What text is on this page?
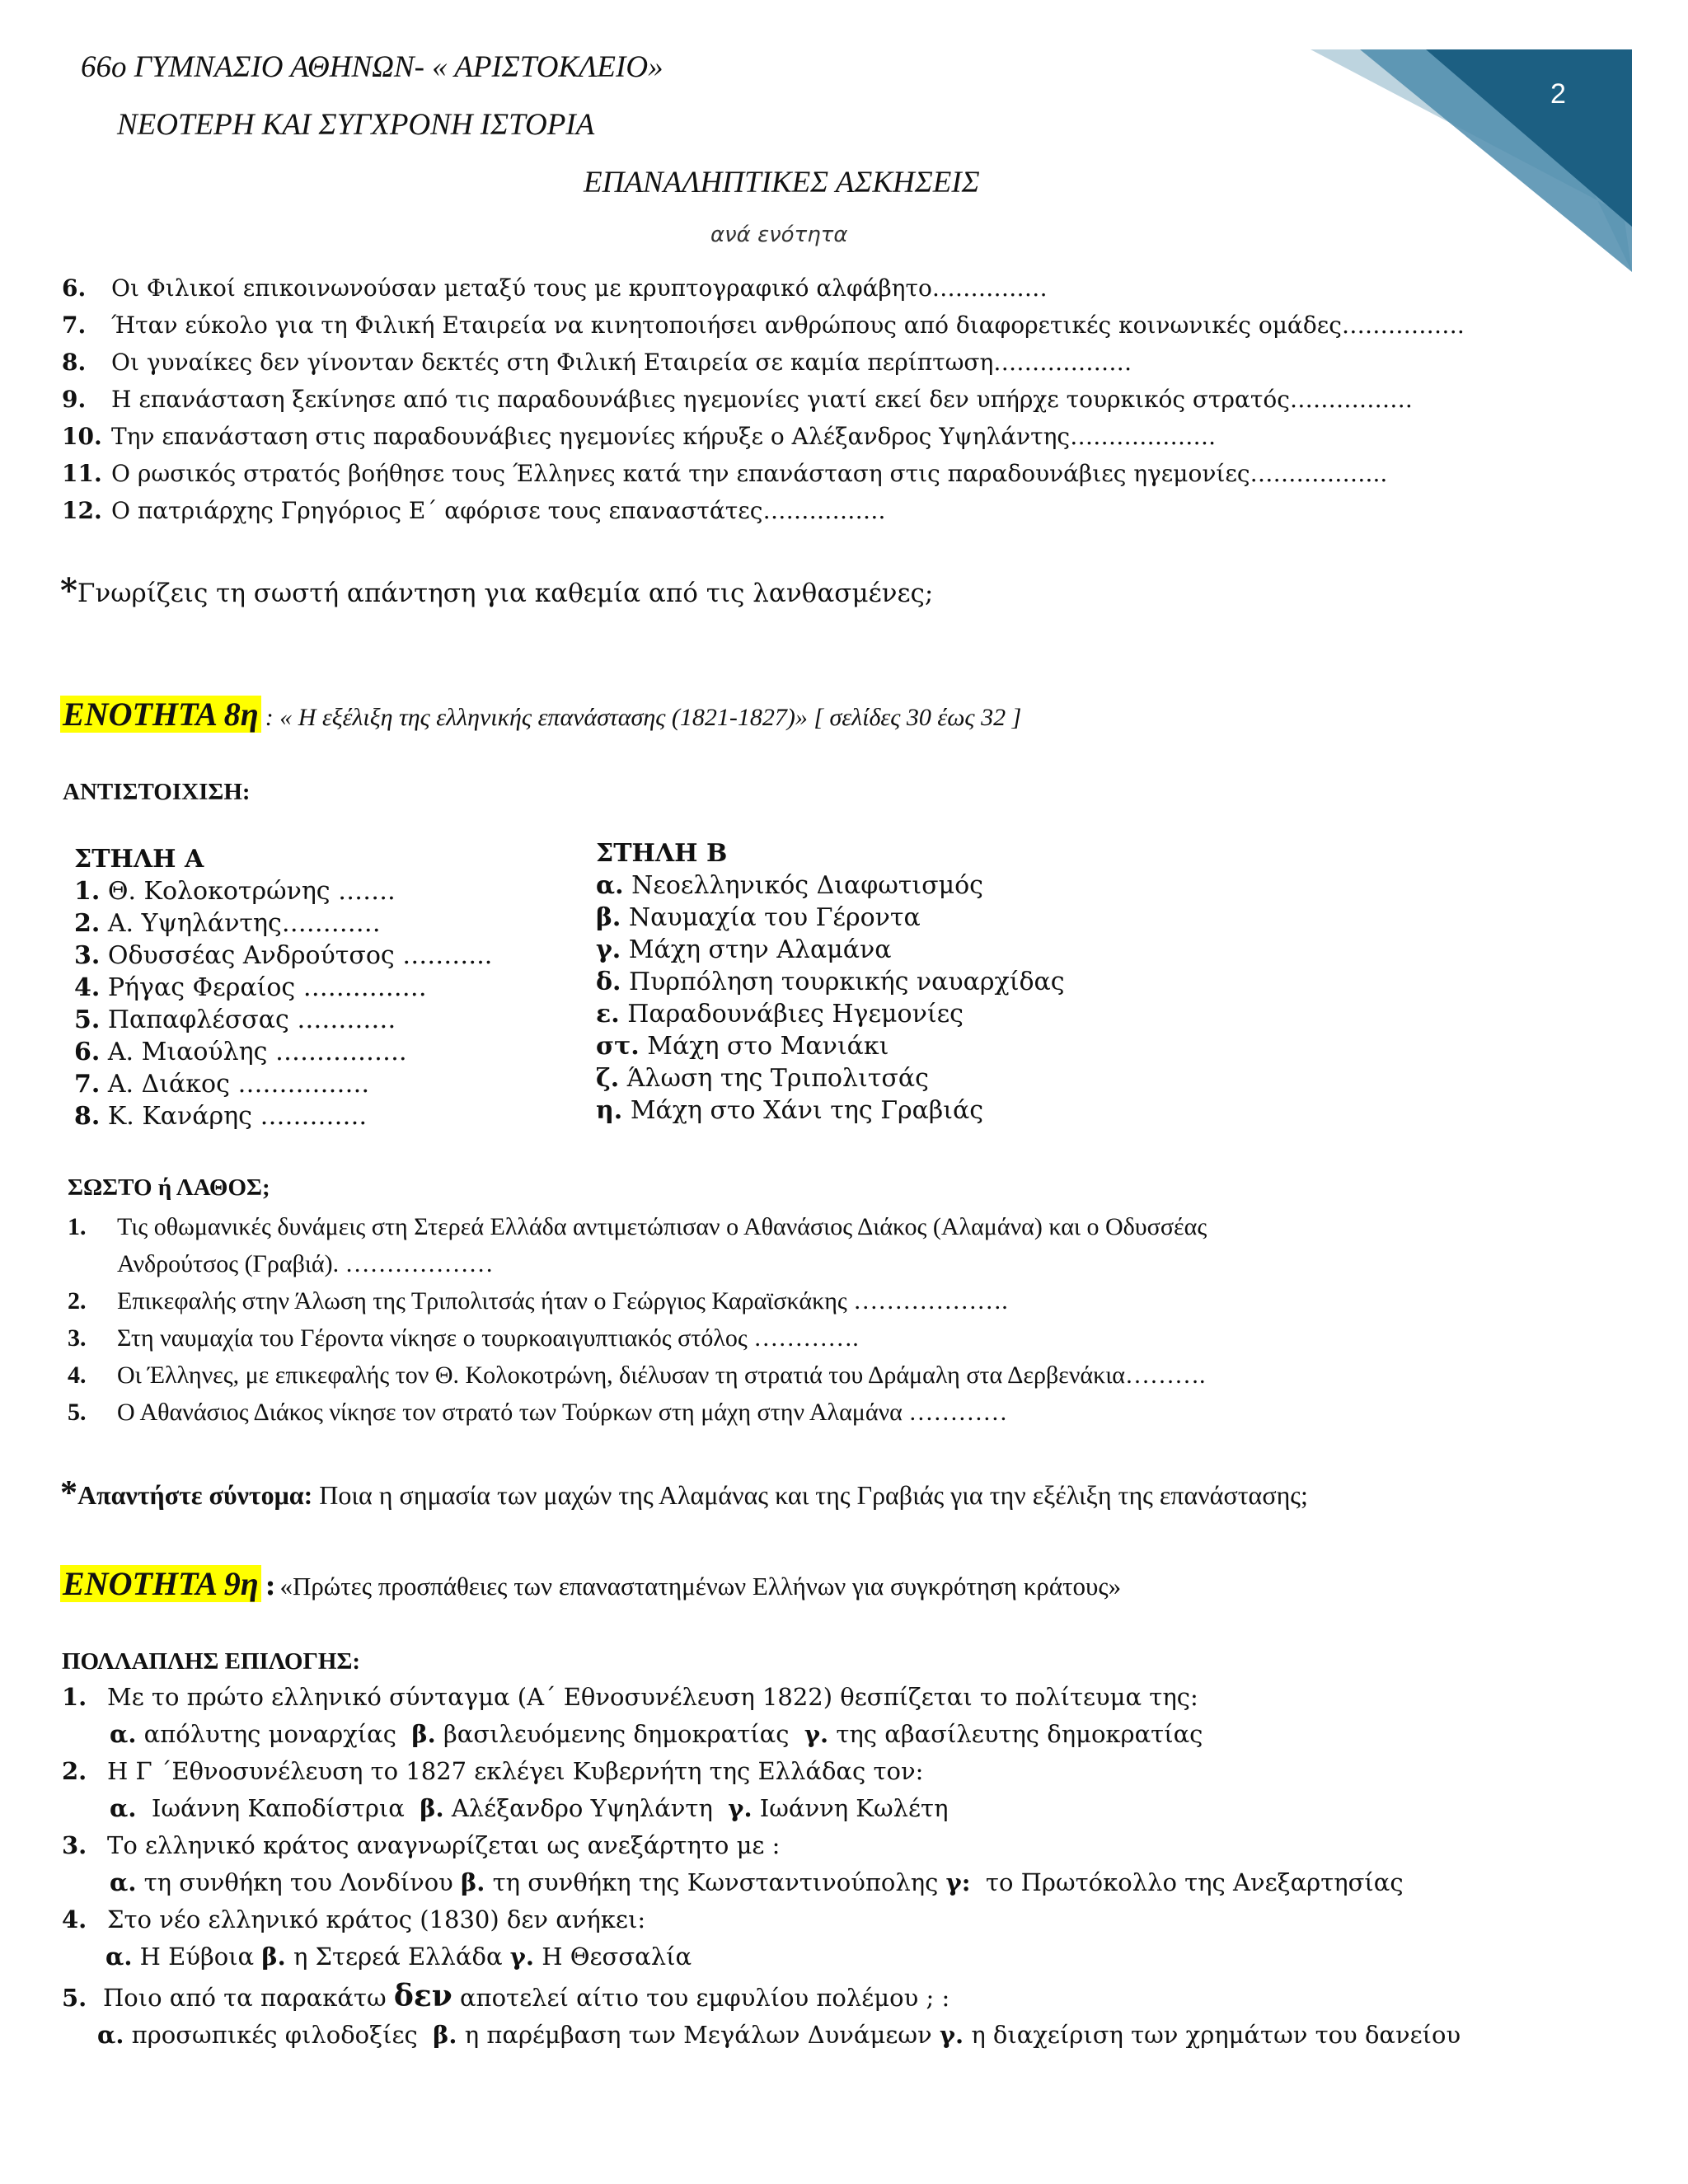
2
66ο ΓΥΜΝΑΣΙΟ ΑΘΗΝΩΝ- « ΑΡΙΣΤΟΚΛΕΙΟ»
ΝΕΟΤΕΡΗ ΚΑΙ ΣΥΓΧΡΟΝΗ ΙΣΤΟΡΙΑ
ΕΠΑΝΑΛΗΠΤΙΚΕΣ ΑΣΚΗΣΕΙΣ
ανά ενότητα
6. Οι Φιλικοί επικοινωνούσαν μεταξύ τους με κρυπτογραφικό αλφάβητο……………
7. Ήταν εύκολο για τη Φιλική Εταιρεία να κινητοποιήσει ανθρώπους από διαφορετικές κοινωνικές ομάδες…………….
8. Οι γυναίκες δεν γίνονταν δεκτές στη Φιλική Εταιρεία σε καμία περίπτωση………………
9. Η επανάσταση ξεκίνησε από τις παραδουνάβιες ηγεμονίες γιατί εκεί δεν υπήρχε τουρκικός στρατός…………….
10. Την επανάσταση στις παραδουνάβιες ηγεμονίες κήρυξε ο Αλέξανδρος Υψηλάντης……………….
11. Ο ρωσικός στρατός βοήθησε τους Έλληνες κατά την επανάσταση στις παραδουνάβιες ηγεμονίες……………...
12. Ο πατριάρχης Γρηγόριος Ε΄ αφόρισε τους επαναστάτες…………….
*Γνωρίζεις τη σωστή απάντηση για καθεμία από τις λανθασμένες;
ΕΝΟΤΗΤΑ 8η : « Η εξέλιξη της ελληνικής επανάστασης (1821-1827)» [ σελίδες 30 έως 32 ]
ΑΝΤΙΣΤΟΙΧΙΣΗ:
ΣΤΗΛΗ Α
1. Θ. Κολοκοτρώνης …….
2. Α. Υψηλάντης…………
3. Οδυσσέας Ανδρούτσος ………..
4. Ρήγας Φεραίος ……………
5. Παπαφλέσσας …………
6. Α. Μιαούλης …………….
7. Α. Διάκος …………….
8. Κ. Κανάρης ………….
ΣΤΗΛΗ Β
α. Νεοελληνικός Διαφωτισμός
β. Ναυμαχία του Γέροντα
γ. Μάχη στην Αλαμάνα
δ. Πυρπόληση τουρκικής ναυαρχίδας
ε. Παραδουνάβιες Ηγεμονίες
στ. Μάχη στο Μανιάκι
ζ. Άλωση της Τριπολιτσάς
η. Μάχη στο Χάνι της Γραβιάς
ΣΩΣΤΟ ή ΛΑΘΟΣ;
1. Τις οθωμανικές δυνάμεις στη Στερεά Ελλάδα αντιμετώπισαν ο Αθανάσιος Διάκος (Αλαμάνα) και ο Οδυσσέας
Ανδρούτσος (Γραβιά). ………………
2. Επικεφαλής στην Άλωση της Τριπολιτσάς ήταν ο Γεώργιος Καραϊσκάκης ……………….
3. Στη ναυμαχία του Γέροντα νίκησε ο τουρκοαιγυπτιακός στόλος ………….
4. Οι Έλληνες, με επικεφαλής τον Θ. Κολοκοτρώνη, διέλυσαν τη στρατιά του Δράμαλη στα Δερβενάκια……….
5. Ο Αθανάσιος Διάκος νίκησε τον στρατό των Τούρκων στη μάχη στην Αλαμάνα …………
*Απαντήστε σύντομα: Ποια η σημασία των μαχών της Αλαμάνας και της Γραβιάς για την εξέλιξη της επανάστασης;
ΕΝΟΤΗΤΑ 9η : «Πρώτες προσπάθειες των επαναστατημένων Ελλήνων για συγκρότηση κράτους»
ΠΟΛΛΑΠΛΗΣ ΕΠΙΛΟΓΗΣ:
1. Με το πρώτο ελληνικό σύνταγμα (Α΄ Εθνοσυνέλευση 1822) θεσπίζεται το πολίτευμα της:
α. απόλυτης μοναρχίας β. βασιλευόμενης δημοκρατίας γ. της αβασίλευτης δημοκρατίας
2. Η Γ ΄Εθνοσυνέλευση το 1827 εκλέγει Κυβερνήτη της Ελλάδας τον:
α. Ιωάννη Καποδίστρια β. Αλέξανδρο Υψηλάντη γ. Ιωάννη Κωλέτη
3. Το ελληνικό κράτος αναγνωρίζεται ως ανεξάρτητο με :
α. τη συνθήκη του Λονδίνου β. τη συνθήκη της Κωνσταντινούπολης γ: το Πρωτόκολλο της Ανεξαρτησίας
4. Στο νέο ελληνικό κράτος (1830) δεν ανήκει:
α. Η Εύβοια β. η Στερεά Ελλάδα γ. Η Θεσσαλία
5. Ποιο από τα παρακάτω δεν αποτελεί αίτιο του εμφυλίου πολέμου ; :
α. προσωπικές φιλοδοξίες β. η παρέμβαση των Μεγάλων Δυνάμεων γ. η διαχείριση των χρημάτων του δανείου
